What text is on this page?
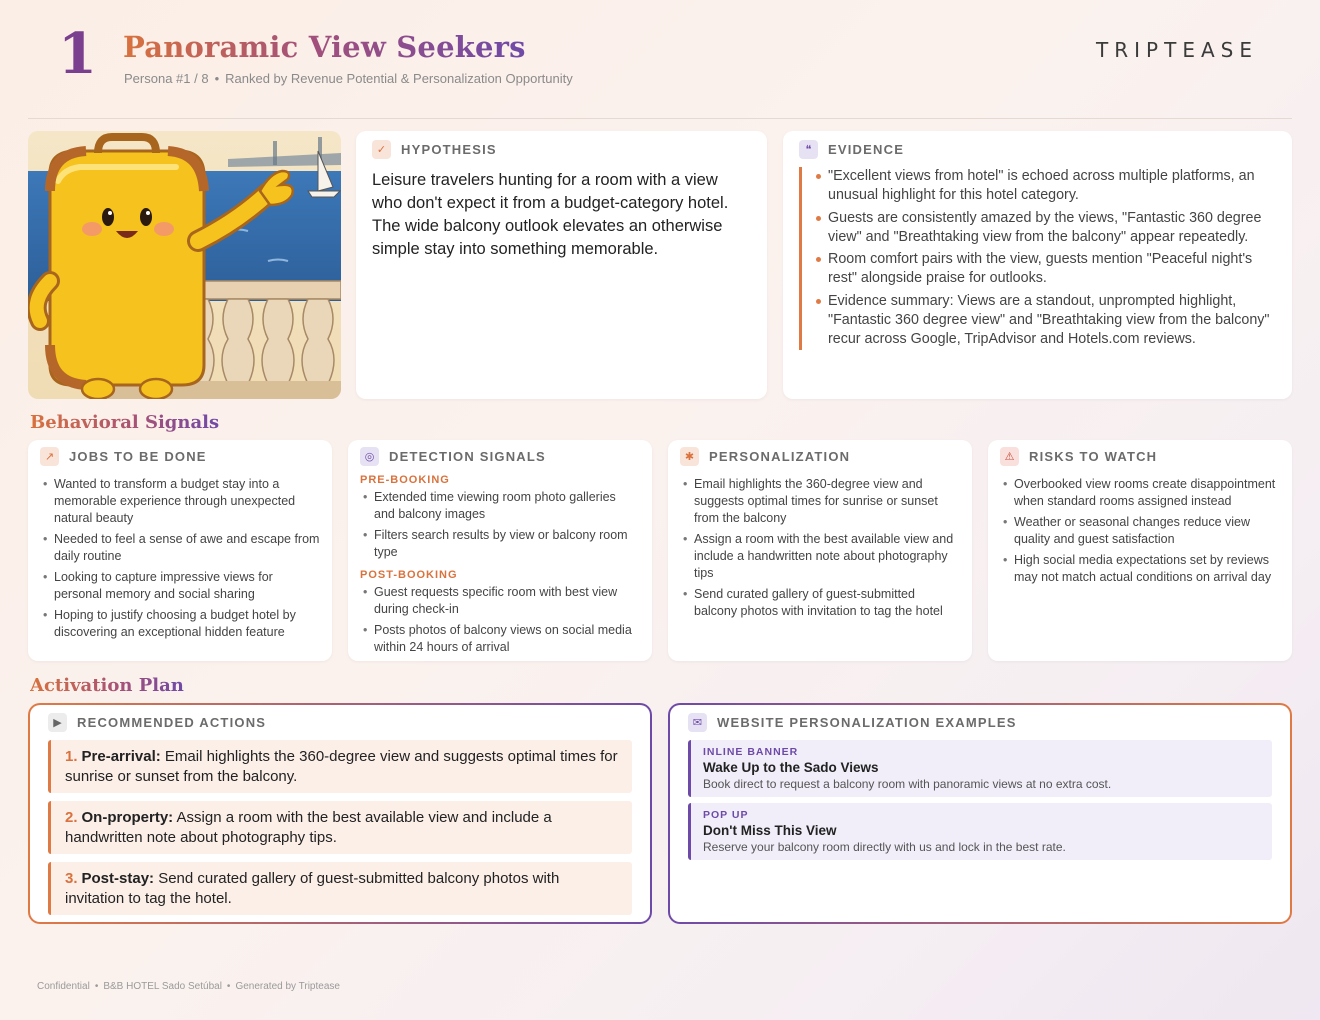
1 Panoramic View Seekers
Persona #1 / 8 • Ranked by Revenue Potential & Personalization Opportunity
TRIPTEASE
✓	HYPOTHESIS
Leisure travelers hunting for a room with a view who don't expect it from a budget-category hotel. The wide balcony outlook elevates an otherwise simple stay into something memorable.
❝	EVIDENCE
"Excellent views from hotel" is echoed across multiple platforms, an unusual highlight for this hotel category.
Guests are consistently amazed by the views, "Fantastic 360 degree view" and "Breathtaking view from the balcony" appear repeatedly.
Room comfort pairs with the view, guests mention "Peaceful night's rest" alongside praise for outlooks.
Evidence summary: Views are a standout, unprompted highlight, "Fantastic 360 degree view" and "Breathtaking view from the balcony" recur across Google, TripAdvisor and Hotels.com reviews.
Behavioral Signals
↗	JOBS TO BE DONE
• Wanted to transform a budget stay into a memorable experience through unexpected natural beauty
• Needed to feel a sense of awe and escape from daily routine
• Looking to capture impressive views for personal memory and social sharing
• Hoping to justify choosing a budget hotel by discovering an exceptional hidden feature
◎	DETECTION SIGNALS
PRE-BOOKING
• Extended time viewing room photo galleries and balcony images
• Filters search results by view or balcony room type
POST-BOOKING
• Guest requests specific room with best view during check-in
• Posts photos of balcony views on social media within 24 hours of arrival
✱	PERSONALIZATION
• Email highlights the 360-degree view and suggests optimal times for sunrise or sunset from the balcony
• Assign a room with the best available view and include a handwritten note about photography tips
• Send curated gallery of guest-submitted balcony photos with invitation to tag the hotel
⚠	RISKS TO WATCH
• Overbooked view rooms create disappointment when standard rooms assigned instead
• Weather or seasonal changes reduce view quality and guest satisfaction
• High social media expectations set by reviews may not match actual conditions on arrival day
Activation Plan
▶	RECOMMENDED ACTIONS
1. Pre-arrival: Email highlights the 360-degree view and suggests optimal times for sunrise or sunset from the balcony.
2. On-property: Assign a room with the best available view and include a handwritten note about photography tips.
3. Post-stay: Send curated gallery of guest-submitted balcony photos with invitation to tag the hotel.
✉	WEBSITE PERSONALIZATION EXAMPLES
INLINE BANNER
Wake Up to the Sado Views
Book direct to request a balcony room with panoramic views at no extra cost.
POP UP
Don't Miss This View
Reserve your balcony room directly with us and lock in the best rate.
Confidential • B&B HOTEL Sado Setúbal • Generated by Triptease
